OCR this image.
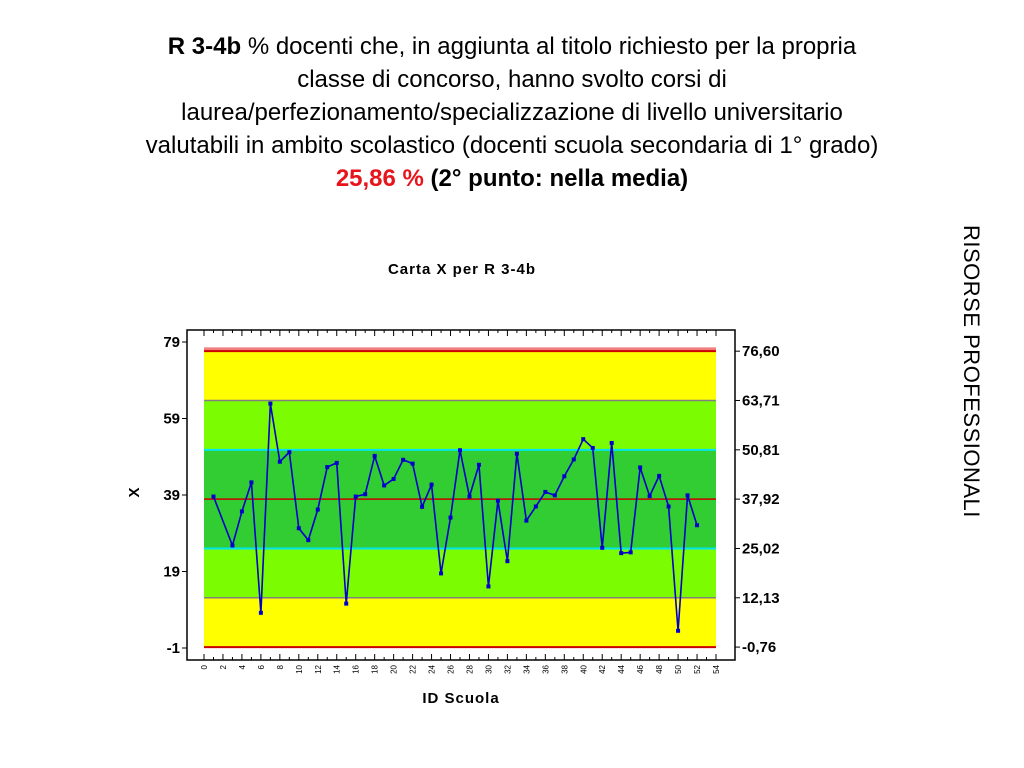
R 3-4b % docenti che, in aggiunta al titolo richiesto per la propria
classe di concorso, hanno svolto corsi di
laurea/perfezionamento/specializzazione di livello universitario
valutabili in ambito scolastico (docenti scuola secondaria di 1° grado)
25,86 % (2° punto: nella media)
RISORSE PROFESSIONALI
Carta X per R 3-4b
79
59
39
19
-1
76,60
63,71
50,81
37,92
25,02
12,13
-0,76
0 2 4 6 8 10 12 14 16 18 20 22 24 26 28 30 32 34 36 38 40 42 44 46 48 50 52 54
ID Scuola
X
